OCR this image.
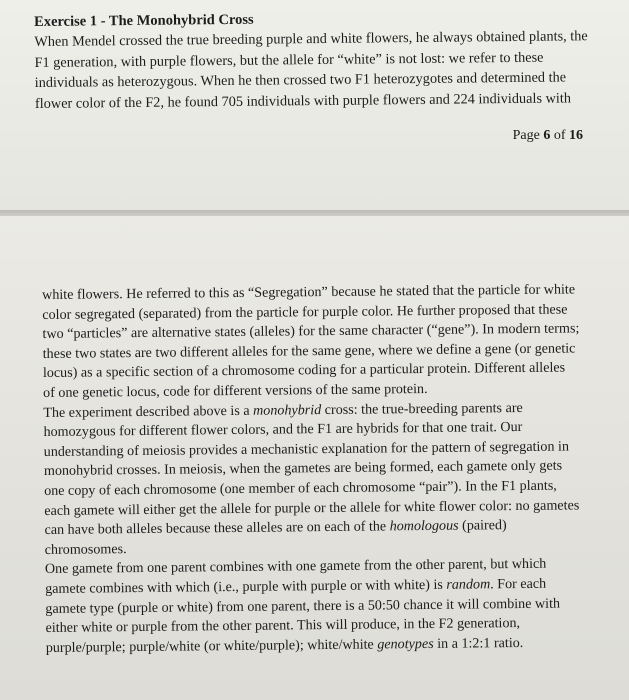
Exercise 1 - The Monohybrid Cross

When Mendel crossed the true breeding purple and white flowers, he always obtained plants, the F1 generation, with purple flowers, but the allele for “white” is not lost: we refer to these individuals as heterozygous. When he then crossed two F1 heterozygotes and determined the flower color of the F2, he found 705 individuals with purple flowers and 224 individuals with

Page 6 of 16

white flowers. He referred to this as “Segregation” because he stated that the particle for white color segregated (separated) from the particle for purple color. He further proposed that these two “particles” are alternative states (alleles) for the same character (“gene”). In modern terms; these two states are two different alleles for the same gene, where we define a gene (or genetic locus) as a specific section of a chromosome coding for a particular protein. Different alleles of one genetic locus, code for different versions of the same protein.

The experiment described above is a monohybrid cross: the true-breeding parents are homozygous for different flower colors, and the F1 are hybrids for that one trait. Our understanding of meiosis provides a mechanistic explanation for the pattern of segregation in monohybrid crosses. In meiosis, when the gametes are being formed, each gamete only gets one copy of each chromosome (one member of each chromosome “pair”). In the F1 plants, each gamete will either get the allele for purple or the allele for white flower color: no gametes can have both alleles because these alleles are on each of the homologous (paired) chromosomes.

One gamete from one parent combines with one gamete from the other parent, but which gamete combines with which (i.e., purple with purple or with white) is random. For each gamete type (purple or white) from one parent, there is a 50:50 chance it will combine with either white or purple from the other parent. This will produce, in the F2 generation, purple/purple; purple/white (or white/purple); white/white genotypes in a 1:2:1 ratio.
